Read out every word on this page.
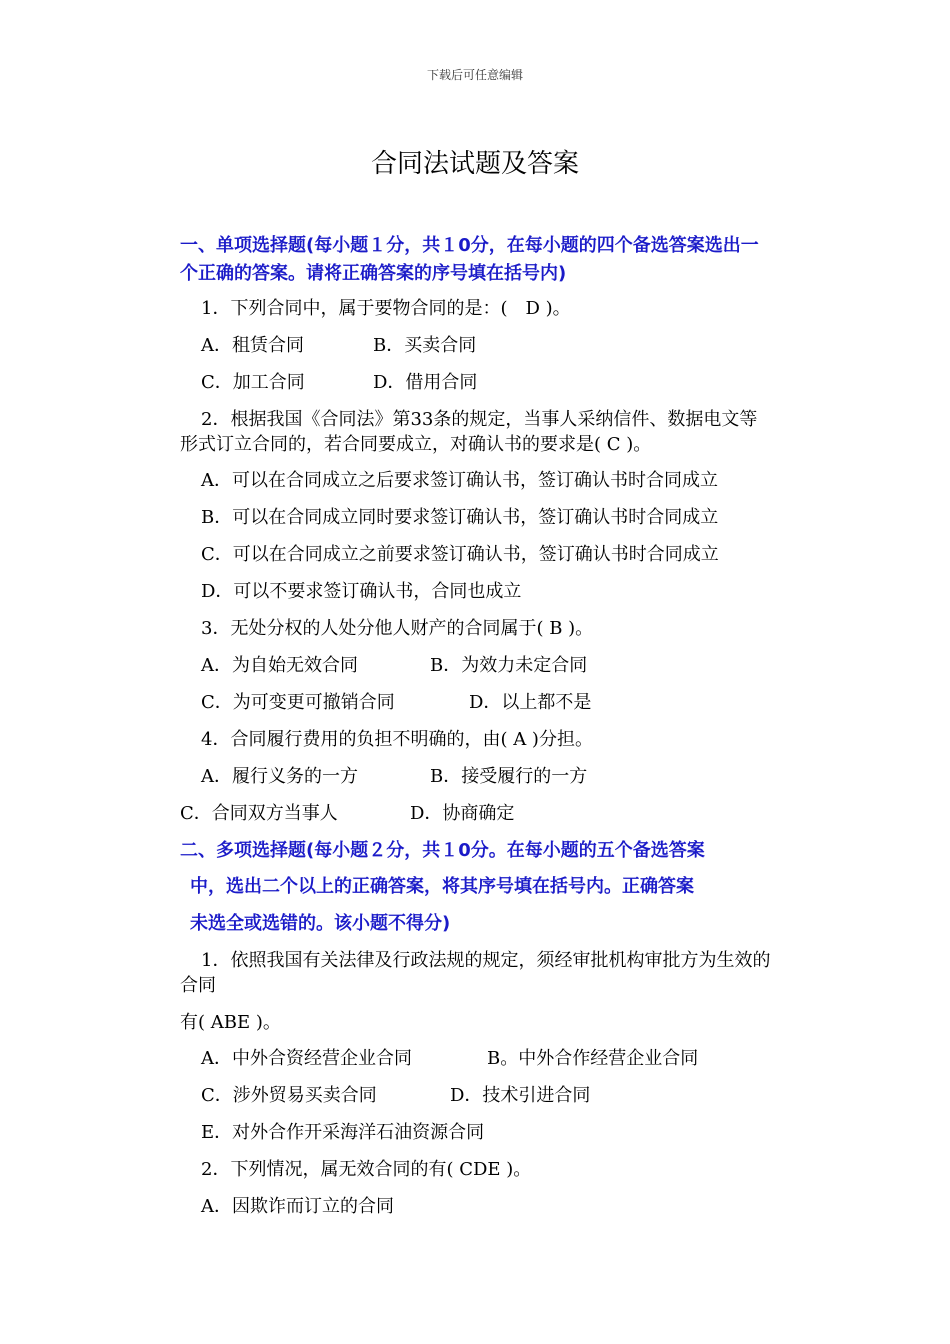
下载后可任意编辑
合同法试题及答案
一、单项选择题(每小题１分，共１0分，在每小题的四个备选答案选出一
个正确的答案。请将正确答案的序号填在括号内)
1．下列合同中，属于要物合同的是：(　D )。
A．租赁合同	B．买卖合同
C．加工合同	D．借用合同
2．根据我国《合同法》第33条的规定，当事人采纳信件、数据电文等
形式订立合同的，若合同要成立，对确认书的要求是( C )。
A．可以在合同成立之后要求签订确认书，签订确认书时合同成立
B．可以在合同成立同时要求签订确认书，签订确认书时合同成立
C．可以在合同成立之前要求签订确认书，签订确认书时合同成立
D．可以不要求签订确认书，合同也成立
3．无处分权的人处分他人财产的合同属于( B )。
A．为自始无效合同	B．为效力未定合同
C．为可变更可撤销合同	D．以上都不是
4．合同履行费用的负担不明确的，由( A )分担。
A．履行义务的一方	B．接受履行的一方
C．合同双方当事人	D．协商确定
二、多项选择题(每小题２分，共１0分。在每小题的五个备选答案
中，选出二个以上的正确答案，将其序号填在括号内。正确答案
未选全或选错的。该小题不得分)
1．依照我国有关法律及行政法规的规定，须经审批机构审批方为生效的
合同
有( ABE )。
A．中外合资经营企业合同	B。中外合作经营企业合同
C．涉外贸易买卖合同	D．技术引进合同
E．对外合作开采海洋石油资源合同
2．下列情况，属无效合同的有( CDE )。
A．因欺诈而订立的合同
